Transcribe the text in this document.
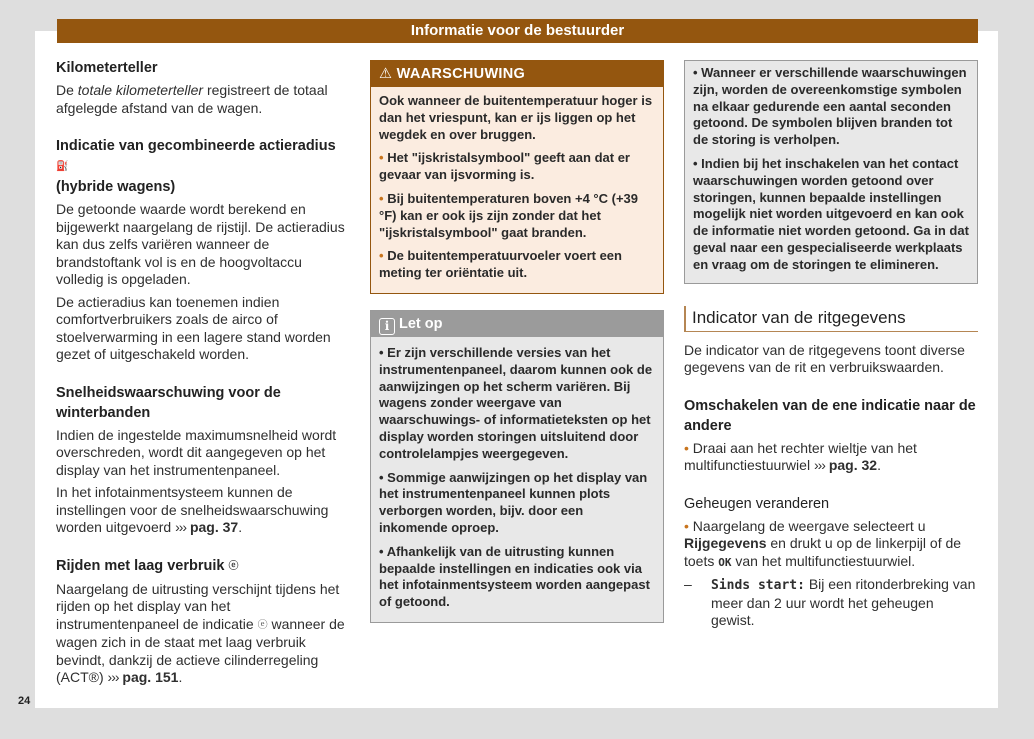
Informatie voor de bestuurder
Kilometerteller

De totale kilometerteller registreert de totaal afgelegde afstand van de wagen.

Indicatie van gecombineerde actieradius ⛽
(hybride wagens)

De getoonde waarde wordt berekend en bijgewerkt naargelang de rijstijl. De actieradius kan dus zelfs variëren wanneer de brandstoftank vol is en de hoogvoltaccu volledig is opgeladen.

De actieradius kan toenemen indien comfortverbruikers zoals de airco of stoelverwarming in een lagere stand worden gezet of uitgeschakeld worden.

Snelheidswaarschuwing voor de winterbanden

Indien de ingestelde maximumsnelheid wordt overschreden, wordt dit aangegeven op het display van het instrumentenpaneel.

In het infotainmentsysteem kunnen de instellingen voor de snelheidswaarschuwing worden uitgevoerd ››› pag. 37.

Rijden met laag verbruik ⓔ

Naargelang de uitrusting verschijnt tijdens het rijden op het display van het instrumentenpaneel de indicatie ⓔ wanneer de wagen zich in de staat met laag verbruik bevindt, dankzij de actieve cilinderregeling (ACT®) ››› pag. 151.

⚠ WAARSCHUWING

Ook wanneer de buitentemperatuur hoger is dan het vriespunt, kan er ijs liggen op het wegdek en over bruggen.

• Het "ijskristalsymbool" geeft aan dat er gevaar van ijsvorming is.

• Bij buitentemperaturen boven +4 °C (+39 °F) kan er ook ijs zijn zonder dat het "ijskristalsymbool" gaat branden.

• De buitentemperatuurvoeler voert een meting ter oriëntatie uit.

i Let op

• Er zijn verschillende versies van het instrumentenpaneel, daarom kunnen ook de aanwijzingen op het scherm variëren. Bij wagens zonder weergave van waarschuwings- of informatieteksten op het display worden storingen uitsluitend door controlelampjes weergegeven.

• Sommige aanwijzingen op het display van het instrumentenpaneel kunnen plots verborgen worden, bijv. door een inkomende oproep.

• Afhankelijk van de uitrusting kunnen bepaalde instellingen en indicaties ook via het infotainmentsysteem worden aangepast of getoond.

• Wanneer er verschillende waarschuwingen zijn, worden de overeenkomstige symbolen na elkaar gedurende een aantal seconden getoond. De symbolen blijven branden tot de storing is verholpen.

• Indien bij het inschakelen van het contact waarschuwingen worden getoond over storingen, kunnen bepaalde instellingen mogelijk niet worden uitgevoerd en kan ook de informatie niet worden getoond. Ga in dat geval naar een gespecialiseerde werkplaats en vraag om de storingen te elimineren.

Indicator van de ritgegevens

De indicator van de ritgegevens toont diverse gegevens van de rit en verbruikswaarden.

Omschakelen van de ene indicatie naar de andere

• Draai aan het rechter wieltje van het multifunctiestuurwiel ››› pag. 32.

Geheugen veranderen

• Naargelang de weergave selecteert u Rijgegevens en drukt u op de linkerpijl of de toets OK van het multifunctiestuurwiel.

–	Sinds start: Bij een ritonderbreking van meer dan 2 uur wordt het geheugen gewist.

24
